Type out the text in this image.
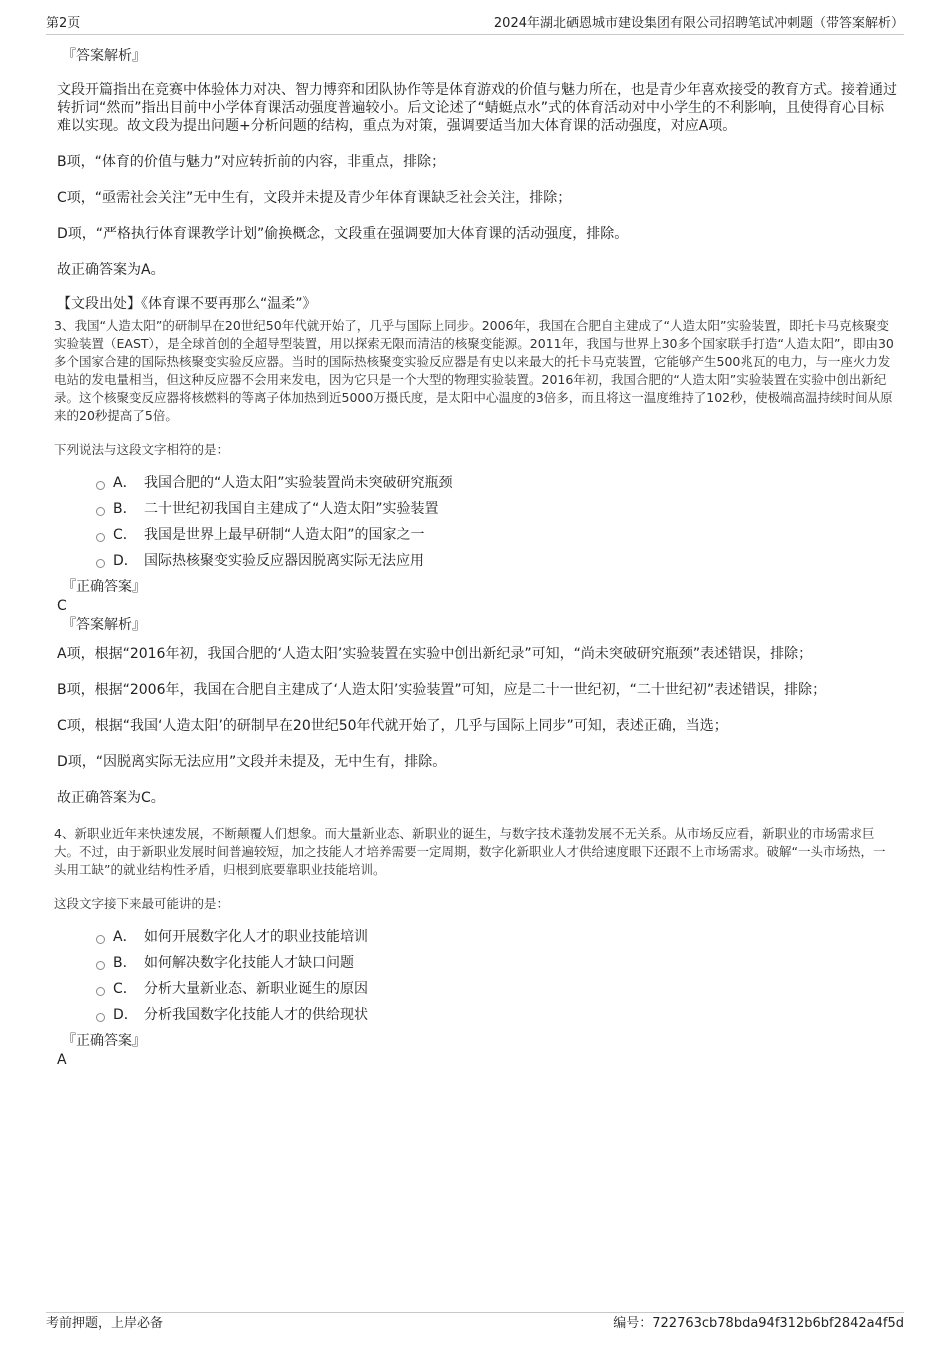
第2页	2024年湖北硒恩城市建设集团有限公司招聘笔试冲刺题（带答案解析）
『答案解析』

文段开篇指出在竞赛中体验体力对决、智力博弈和团队协作等是体育游戏的价值与魅力所在，也是青少年喜欢接受的教育方式。接着通过转折词“然而”指出目前中小学体育课活动强度普遍较小。后文论述了“蜻蜓点水”式的体育活动对中小学生的不利影响，且使得育心目标难以实现。故文段为提出问题+分析问题的结构，重点为对策，强调要适当加大体育课的活动强度，对应A项。

B项，“体育的价值与魅力”对应转折前的内容，非重点，排除；

C项，“亟需社会关注”无中生有，文段并未提及青少年体育课缺乏社会关注，排除；

D项，“严格执行体育课教学计划”偷换概念，文段重在强调要加大体育课的活动强度，排除。

故正确答案为A。

【文段出处】《体育课不要再那么“温柔”》

3、我国“人造太阳”的研制早在20世纪50年代就开始了，几乎与国际上同步。2006年，我国在合肥自主建成了“人造太阳”实验装置，即托卡马克核聚变实验装置（EAST），是全球首创的全超导型装置，用以探索无限而清洁的核聚变能源。2011年，我国与世界上30多个国家联手打造“人造太阳”，即由30多个国家合建的国际热核聚变实验反应器。当时的国际热核聚变实验反应器是有史以来最大的托卡马克装置，它能够产生500兆瓦的电力，与一座火力发电站的发电量相当，但这种反应器不会用来发电，因为它只是一个大型的物理实验装置。2016年初，我国合肥的“人造太阳”实验装置在实验中创出新纪录。这个核聚变反应器将核燃料的等离子体加热到近5000万摄氏度，是太阳中心温度的3倍多，而且将这一温度维持了102秒，使极端高温持续时间从原来的20秒提高了5倍。

下列说法与这段文字相符的是：

A． 我国合肥的“人造太阳”实验装置尚未突破研究瓶颈
B． 二十世纪初我国自主建成了“人造太阳”实验装置
C． 我国是世界上最早研制“人造太阳”的国家之一
D． 国际热核聚变实验反应器因脱离实际无法应用
『正确答案』
C
『答案解析』

A项，根据“2016年初，我国合肥的‘人造太阳’实验装置在实验中创出新纪录”可知，“尚未突破研究瓶颈”表述错误，排除；

B项，根据“2006年，我国在合肥自主建成了‘人造太阳’实验装置”可知，应是二十一世纪初，“二十世纪初”表述错误，排除；

C项，根据“我国‘人造太阳’的研制早在20世纪50年代就开始了，几乎与国际上同步”可知，表述正确，当选；

D项，“因脱离实际无法应用”文段并未提及，无中生有，排除。

故正确答案为C。

4、新职业近年来快速发展，不断颠覆人们想象。而大量新业态、新职业的诞生，与数字技术蓬勃发展不无关系。从市场反应看，新职业的市场需求巨大。不过，由于新职业发展时间普遍较短，加之技能人才培养需要一定周期，数字化新职业人才供给速度眼下还跟不上市场需求。破解“一头市场热，一头用工缺”的就业结构性矛盾，归根到底要靠职业技能培训。

这段文字接下来最可能讲的是：

A． 如何开展数字化人才的职业技能培训
B． 如何解决数字化技能人才缺口问题
C． 分析大量新业态、新职业诞生的原因
D． 分析我国数字化技能人才的供给现状
『正确答案』
A
考前押题，上岸必备	编号：722763cb78bda94f312b6bf2842a4f5d
